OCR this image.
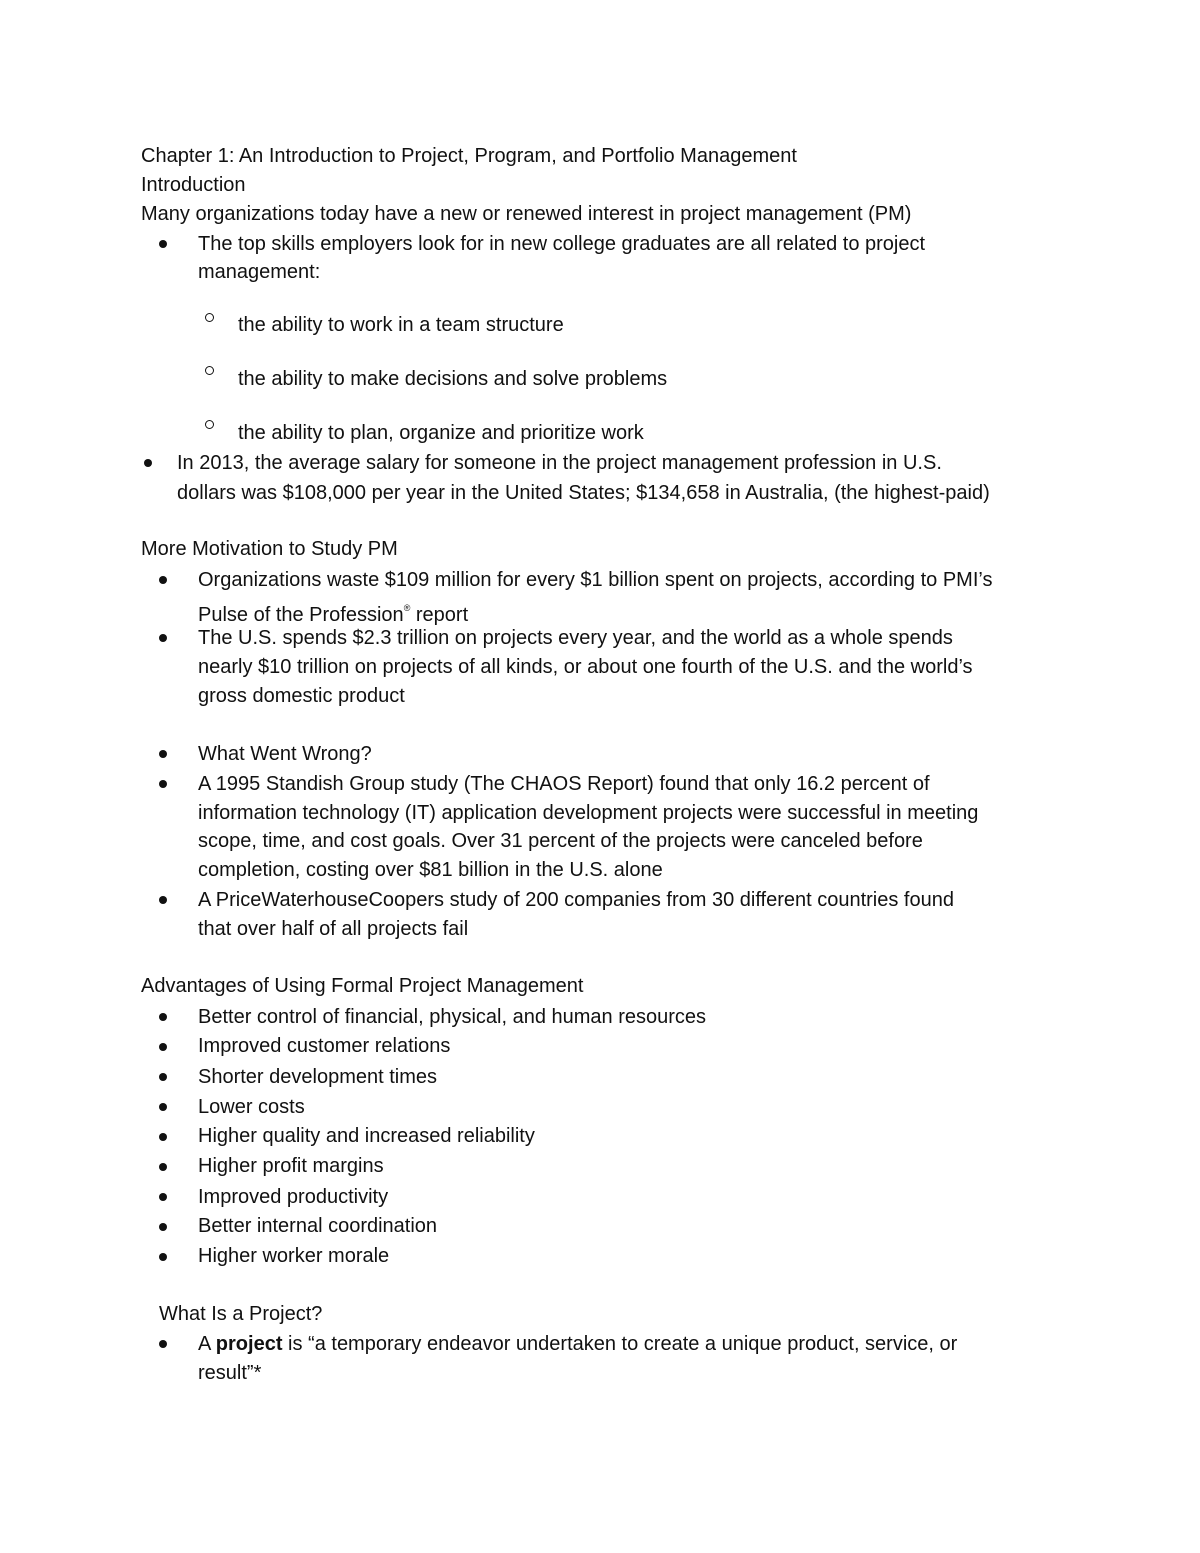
Chapter 1: An Introduction to Project, Program, and Portfolio Management
Introduction
Many organizations today have a new or renewed interest in project management (PM)
The top skills employers look for in new college graduates are all related to project
management:
the ability to work in a team structure
the ability to make decisions and solve problems
the ability to plan, organize and prioritize work
In 2013, the average salary for someone in the project management profession in U.S.
dollars was $108,000 per year in the United States; $134,658 in Australia, (the highest-paid)
More Motivation to Study PM
Organizations waste $109 million for every $1 billion spent on projects, according to PMI’s
Pulse of the Profession® report
The U.S. spends $2.3 trillion on projects every year, and the world as a whole spends
nearly $10 trillion on projects of all kinds, or about one fourth of the U.S. and the world’s
gross domestic product
What Went Wrong?
A 1995 Standish Group study (The CHAOS Report) found that only 16.2 percent of
information technology (IT) application development projects were successful in meeting
scope, time, and cost goals. Over 31 percent of the projects were canceled before
completion, costing over $81 billion in the U.S. alone
A PriceWaterhouseCoopers study of 200 companies from 30 different countries found
that over half of all projects fail
Advantages of Using Formal Project Management
Better control of financial, physical, and human resources
Improved customer relations
Shorter development times
Lower costs
Higher quality and increased reliability
Higher profit margins
Improved productivity
Better internal coordination
Higher worker morale
What Is a Project?
A project is “a temporary endeavor undertaken to create a unique product, service, or
result”*
